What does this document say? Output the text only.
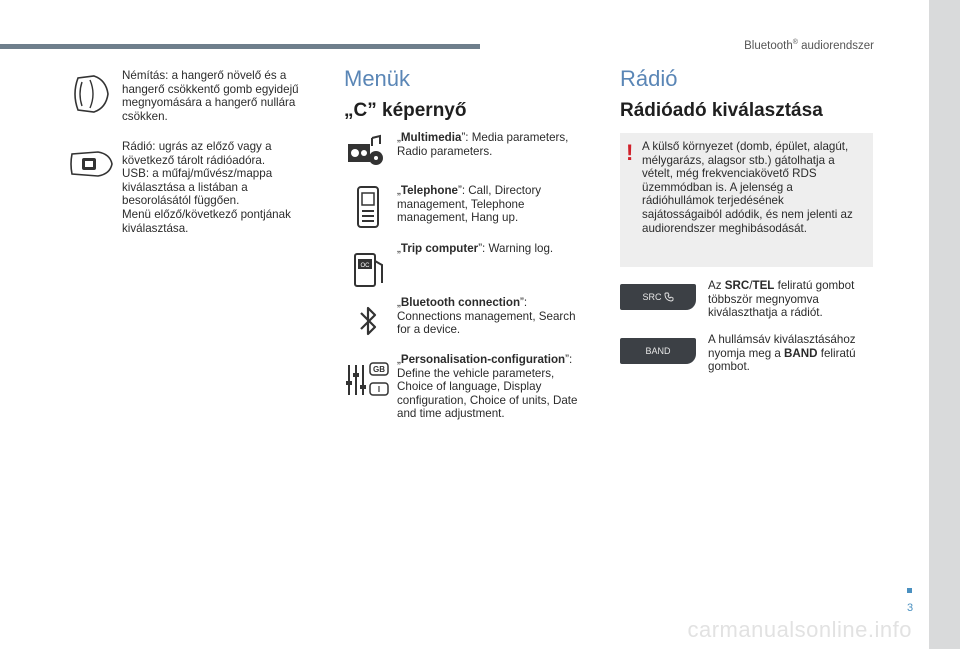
Bluetooth® audiorendszer
Némítás: a hangerő növelő és a hangerő csökkentő gomb egyidejű megnyomására a hangerő nullára csökken.
Rádió: ugrás az előző vagy a következő tárolt rádióadóra.
USB: a műfaj/művész/mappa kiválasztása a listában a besorolásától függően.
Menü előző/következő pontjának kiválasztása.
Menük
„C” képernyő
„Multimedia”: Media parameters, Radio parameters.
„Telephone”: Call, Directory management, Telephone management, Hang up.
OC
„Trip computer”: Warning log.
„Bluetooth connection”: Connections management, Search for a device.
GB
I
„Personalisation-configuration”: Define the vehicle parameters, Choice of language, Display configuration, Choice of units, Date and time adjustment.
Rádió
Rádióadó kiválasztása
! A külső környezet (domb, épület, alagút, mélygarázs, alagsor stb.) gátolhatja a vételt, még frekvenciakövető RDS üzemmódban is. A jelenség a rádióhullámok terjedésének sajátosságaiból adódik, és nem jelenti az audiorendszer meghibásodását.
SRC
Az SRC/TEL feliratú gombot többször megnyomva kiválaszthatja a rádiót.
BAND
A hullámsáv kiválasztásához nyomja meg a BAND feliratú gombot.
3
carmanualsonline.info
